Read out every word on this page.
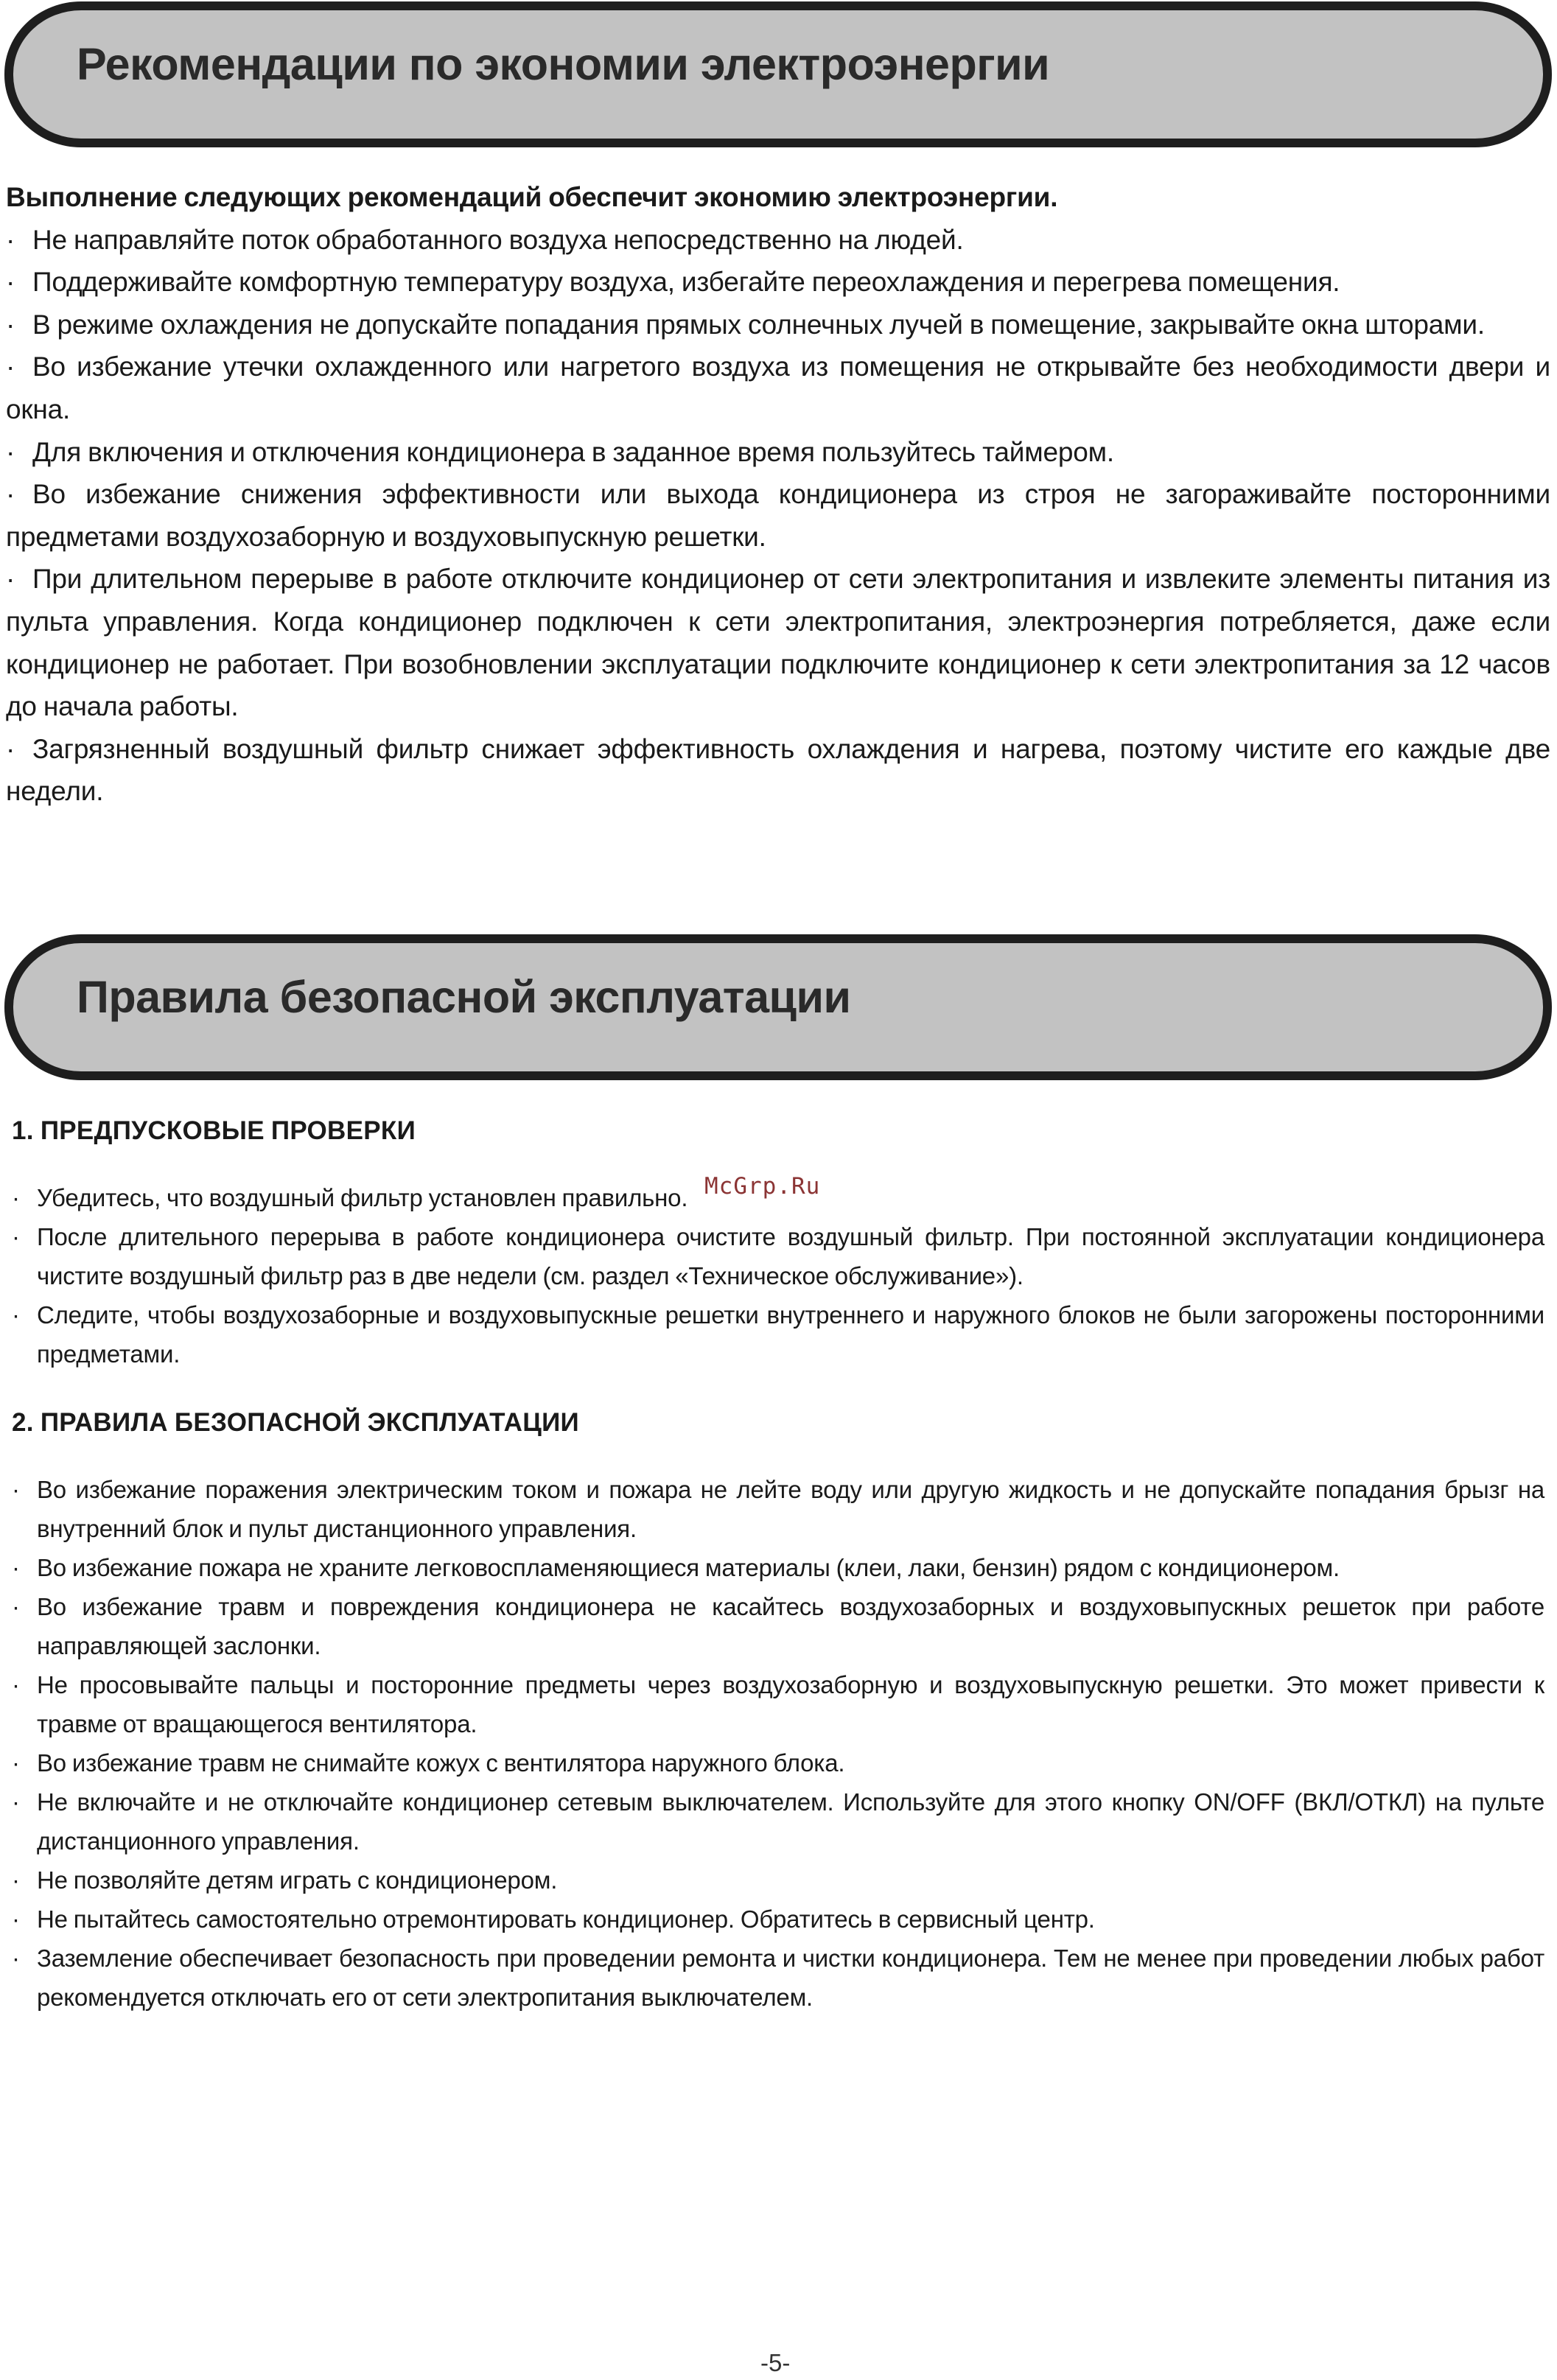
Рекомендации по экономии электроэнергии

Выполнение следующих рекомендаций обеспечит экономию электроэнергии.

· Не направляйте поток обработанного воздуха непосредственно на людей.

· Поддерживайте комфортную температуру воздуха, избегайте переохлаждения и перегрева помещения.

· В режиме охлаждения не допускайте попадания прямых солнечных лучей в помещение, закрывайте окна шторами.

· Во избежание утечки охлажденного или нагретого воздуха из помещения не открывайте без необходимости двери и окна.

· Для включения и отключения кондиционера в заданное время пользуйтесь таймером.

· Во избежание снижения эффективности или выхода кондиционера из строя не загораживайте посторонними предметами воздухозаборную и воздуховыпускную решетки.

· При длительном перерыве в работе отключите кондиционер от сети электропитания и извлеките элементы питания из пульта управления. Когда кондиционер подключен к сети электропитания, электроэнергия потребляется, даже если кондиционер не работает. При возобновлении эксплуатации подключите кондиционер к сети электропитания за 12 часов до начала работы.

· Загрязненный воздушный фильтр снижает эффективность охлаждения и нагрева, поэтому чистите его каждые две недели.

Правила безопасной эксплуатации
1. ПРЕДПУСКОВЫЕ ПРОВЕРКИ
· Убедитесь, что воздушный фильтр установлен правильно.
· После длительного перерыва в работе кондиционера очистите воздушный фильтр. При постоянной эксплуатации кондиционера чистите воздушный фильтр раз в две недели (см. раздел «Техническое обслуживание»).
· Следите, чтобы воздухозаборные и воздуховыпускные решетки внутреннего и наружного блоков не были загорожены посторонними предметами.
2. ПРАВИЛА БЕЗОПАСНОЙ ЭКСПЛУАТАЦИИ
· Во избежание поражения электрическим током и пожара не лейте воду или другую жидкость и не допускайте попадания брызг на внутренний блок и пульт дистанционного управления.
· Во избежание пожара не храните легковоспламеняющиеся материалы (клеи, лаки, бензин) рядом с кондиционером.
· Во избежание травм и повреждения кондиционера не касайтесь воздухозаборных и воздуховыпускных решеток при работе направляющей заслонки.
· Не просовывайте пальцы и посторонние предметы через воздухозаборную и воздуховыпускную решетки. Это может привести к травме от вращающегося вентилятора.
· Во избежание травм не снимайте кожух с вентилятора наружного блока.
· Не включайте и не отключайте кондиционер сетевым выключателем. Используйте для этого кнопку ON/OFF (ВКЛ/ОТКЛ) на пульте дистанционного управления.
· Не позволяйте детям играть с кондиционером.
· Не пытайтесь самостоятельно отремонтировать кондиционер. Обратитесь в сервисный центр.
· Заземление обеспечивает безопасность при проведении ремонта и чистки кондиционера. Тем не менее при проведении любых работ рекомендуется отключать его от сети электропитания выключателем.
McGrp.Ru
-5-
